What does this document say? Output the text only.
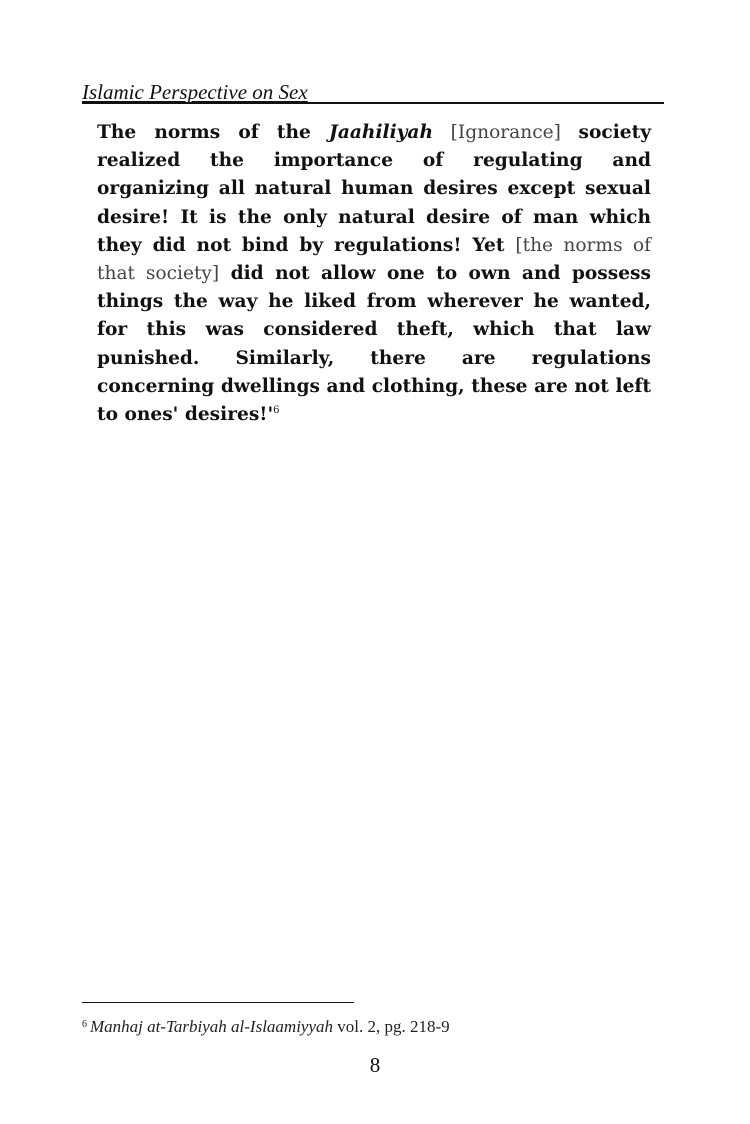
Islamic Perspective on Sex
The norms of the Jaahiliyah [Ignorance] society realized the importance of regulating and organizing all natural human desires except sexual desire! It is the only natural desire of man which they did not bind by regulations! Yet [the norms of that society] did not allow one to own and possess things the way he liked from wherever he wanted, for this was considered theft, which that law punished. Similarly, there are regulations concerning dwellings and clothing, these are not left to ones' $desires!'^6$
$^6$ Manhaj at-Tarbiyah al-Islaamiyyah vol. 2, pg. 218-9
8
